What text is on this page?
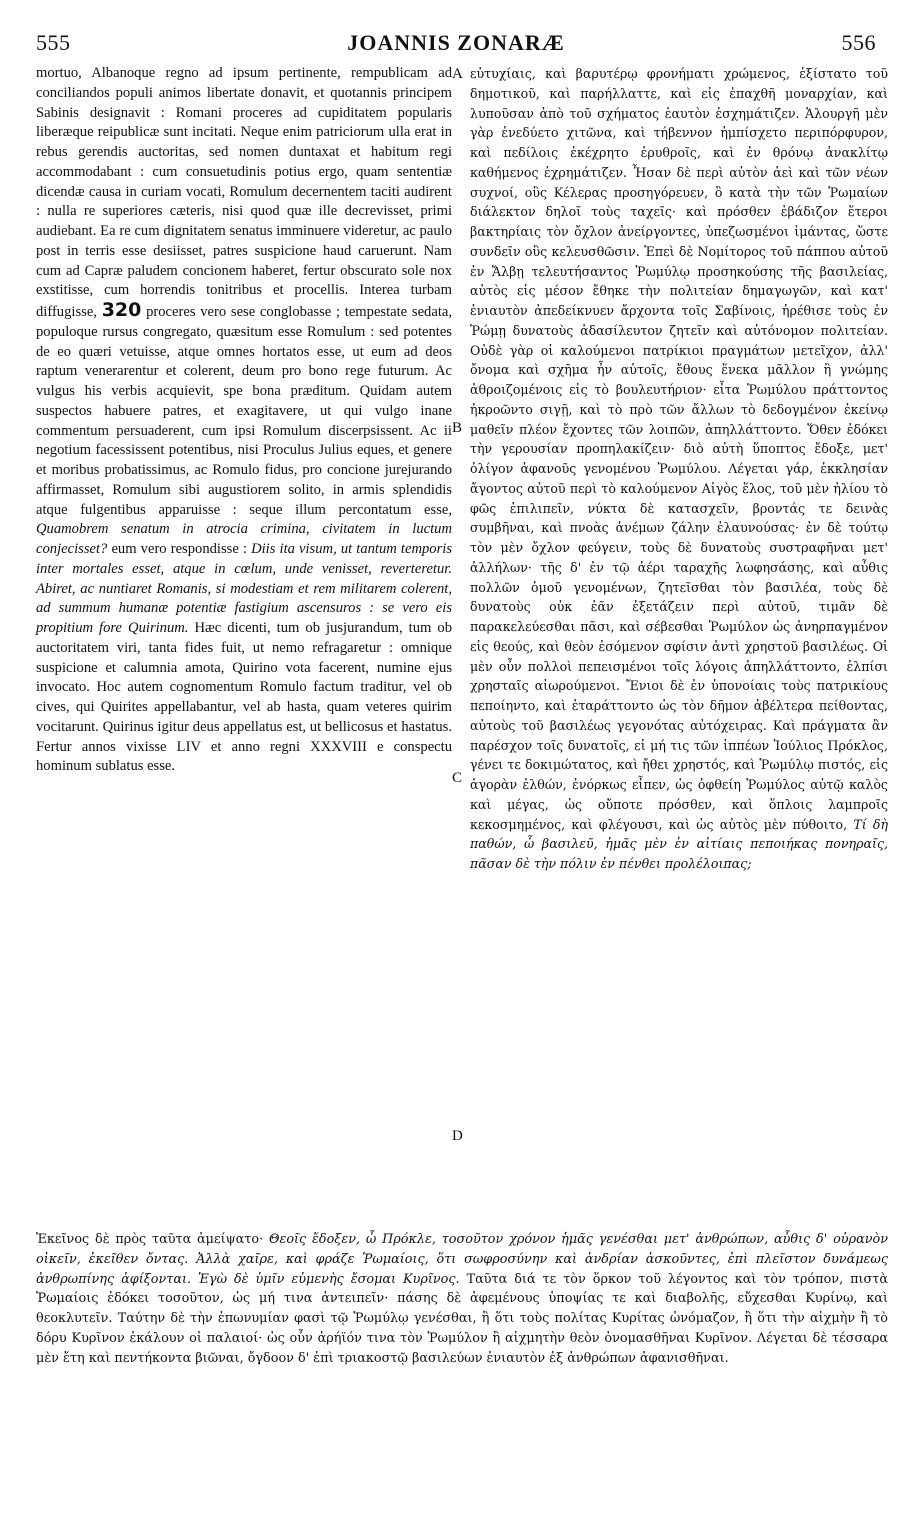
555	JOANNIS ZONARÆ	556

mortuo, Albanoque regno ad ipsum pertinente, rempublicam ad conciliandos populi animos libertate donavit, et quotannis principem Sabinis designavit : Romani proceres ad cupiditatem popularis liberæque reipublicæ sunt incitati. Neque enim patriciorum ulla erat in rebus gerendis auctoritas, sed nomen duntaxat et habitum regi accommodabant : cum consuetudinis potius ergo, quam sententiæ dicendæ causa in curiam vocati, Romulum decernentem taciti audirent : nulla re superiores cæteris, nisi quod quæ ille decrevisset, primi audiebant. Ea re cum dignitatem senatus imminuere videretur, ac paulo post in terris esse desiisset, patres suspicione haud caruerunt. Nam cum ad Capræ paludem concionem haberet, fertur obscurato sole nox exstitisse, cum horrendis tonitribus et procellis. Interea turbam diffugisse, 320 proceres vero sese conglobasse ; tempestate sedata, populoque rursus congregato, quæsitum esse Romulum : sed potentes de eo quæri vetuisse, atque omnes hortatos esse, ut eum ad deos raptum venerarentur et colerent, deum pro bono rege futurum. Ac vulgus his verbis acquievit, spe bona præditum. Quidam autem suspectos habuere patres, et exagitavere, ut qui vulgo inane commentum persuaderent, cum ipsi Romulum discerpsissent. Ac ii negotium facessissent potentibus, nisi Proculus Julius eques, et genere et moribus probatissimus, ac Romulo fidus, pro concione jurejurando affirmasset, Romulum sibi augustiorem solito, in armis splendidis atque fulgentibus apparuisse : seque illum percontatum esse, Quamobrem senatum in atrocia crimina, civitatem in luctum conjecisset? eum vero respondisse : Diis ita visum, ut tantum temporis inter mortales esset, atque in cœlum, unde venisset, reverteretur. Abiret, ac nuntiaret Romanis, si modestiam et rem militarem colerent, ad summum humanæ potentiæ fastigium ascensuros : se vero eis propitium fore Quirinum. Hæc dicenti, tum ob jusjurandum, tum ob auctoritatem viri, tanta fides fuit, ut nemo refragaretur : omnique suspicione et calumnia amota, Quirino vota facerent, numine ejus invocato. Hoc autem cognomentum Romulo factum traditur, vel ob cives, qui Quirites appellabantur, vel ab hasta, quam veteres quirim vocitarunt. Quirinus igitur deus appellatus est, ut bellicosus et hastatus. Fertur annos vixisse LIV et anno regni XXXVIII e conspectu hominum sublatus esse.

A
B
C
D

εὐτυχίαις, καὶ βαρυτέρῳ φρονήματι χρώμενος, ἐξίστατο τοῦ δημοτικοῦ, καὶ παρήλλαττε, καὶ εἰς ἐπαχθῆ μοναρχίαν, καὶ λυποῦσαν ἀπὸ τοῦ σχήματος ἑαυτὸν ἐσχημάτιζεν. Ἁλουργῆ μὲν γὰρ ἐνεδύετο χιτῶνα, καὶ τήβεννον ἠμπίσχετο περιπόρφυρον, καὶ πεδίλοις ἐκέχρητο ἐρυθροῖς, καὶ ἐν θρόνῳ ἀνακλίτῳ καθήμενος ἐχρημάτιζεν. Ἦσαν δὲ περὶ αὐτὸν ἀεὶ καὶ τῶν νέων συχνοί, οὓς Κέλερας προσηγόρευεν, ὃ κατὰ τὴν τῶν Ῥωμαίων διάλεκτον δηλοῖ τοὺς ταχεῖς· καὶ πρόσθεν ἐβάδιζον ἕτεροι βακτηρίαις τὸν ὄχλον ἀνείργοντες, ὑπεζωσμένοι ἱμάντας, ὥστε συνδεῖν οὓς κελευσθῶσιν. Ἐπεὶ δὲ Νομίτορος τοῦ πάππου αὐτοῦ ἐν Ἄλβῃ τελευτήσαντος Ῥωμύλῳ προσηκούσης τῆς βασιλείας, αὐτὸς εἰς μέσον ἔθηκε τὴν πολιτείαν δημαγωγῶν, καὶ κατ' ἐνιαυτὸν ἀπεδείκνυεν ἄρχοντα τοῖς Σαβίνοις, ἠρέθισε τοὺς ἐν Ῥώμῃ δυνατοὺς ἀδασίλευτον ζητεῖν καὶ αὐτόνομον πολιτείαν. Οὐδὲ γὰρ οἱ καλούμενοι πατρίκιοι πραγμάτων μετεῖχον, ἀλλ' ὄνομα καὶ σχῆμα ἦν αὐτοῖς, ἔθους ἕνεκα μᾶλλον ἢ γνώμης ἀθροιζομένοις εἰς τὸ βουλευτήριον· εἶτα Ῥωμύλου πράττοντος ἠκροῶντο σιγῇ, καὶ τὸ πρὸ τῶν ἄλλων τὸ δεδογμένον ἐκείνῳ μαθεῖν πλέον ἔχοντες τῶν λοιπῶν, ἀπηλλάττοντο. Ὅθεν ἐδόκει τὴν γερουσίαν προπηλακίζειν· διὸ αὐτὴ ὕποπτος ἔδοξε, μετ' ὀλίγον ἀφανοῦς γενομένου Ῥωμύλου. Λέγεται γάρ, ἐκκλησίαν ἄγοντος αὐτοῦ περὶ τὸ καλούμενον Αἰγὸς ἕλος, τοῦ μὲν ἡλίου τὸ φῶς ἐπιλιπεῖν, νύκτα δὲ κατασχεῖν, βροντάς τε δεινὰς συμβῆναι, καὶ πνοὰς ἀνέμων ζάλην ἐλαυνούσας· ἐν δὲ τούτῳ τὸν μὲν ὄχλον φεύγειν, τοὺς δὲ δυνατοὺς συστραφῆναι μετ' ἀλλήλων· τῆς δ' ἐν τῷ ἀέρι ταραχῆς λωφησάσης, καὶ αὖθις πολλῶν ὁμοῦ γενομένων, ζητεῖσθαι τὸν βασιλέα, τοὺς δὲ δυνατοὺς οὐκ ἐᾶν ἐξετάζειν περὶ αὐτοῦ, τιμᾶν δὲ παρακελεύεσθαι πᾶσι, καὶ σέβεσθαι Ῥωμύλον ὡς ἀνηρπαγμένον εἰς θεούς, καὶ θεὸν ἐσόμενον σφίσιν ἀντὶ χρηστοῦ βασιλέως. Οἱ μὲν οὖν πολλοὶ πεπεισμένοι τοῖς λόγοις ἀπηλλάττοντο, ἐλπίσι χρησταῖς αἰωρούμενοι. Ἔνιοι δὲ ἐν ὑπονοίαις τοὺς πατρικίους πεποίηντο, καὶ ἐταράττοντο ὡς τὸν δῆμον ἀβέλτερα πείθοντας, αὐτοὺς τοῦ βασιλέως γεγονότας αὐτόχειρας. Καὶ πράγματα ἂν παρέσχον τοῖς δυνατοῖς, εἰ μή τις τῶν ἱππέων Ἰούλιος Πρόκλος, γένει τε δοκιμώτατος, καὶ ἤθει χρηστός, καὶ Ῥωμύλῳ πιστός, εἰς ἀγορὰν ἐλθών, ἐνόρκως εἶπεν, ὡς ὀφθείη Ῥωμύλος αὐτῷ καλὸς καὶ μέγας, ὡς οὔποτε πρόσθεν, καὶ ὅπλοις λαμπροῖς κεκοσμημένος, καὶ φλέγουσι, καὶ ὡς αὐτὸς μὲν πύθοιτο, Τί δὴ παθών, ὦ βασιλεῦ, ἡμᾶς μὲν ἐν αἰτίαις πεποιήκας πονηραῖς, πᾶσαν δὲ τὴν πόλιν ἐν πένθει προλέλοιπας;

Ἐκεῖνος δὲ πρὸς ταῦτα ἀμείψατο· Θεοῖς ἔδοξεν, ὦ Πρόκλε, τοσοῦτον χρόνον ἡμᾶς γενέσθαι μετ' ἀνθρώπων, αὖθις δ' οὐρανὸν οἰκεῖν, ἐκεῖθεν ὄντας. Ἀλλὰ χαῖρε, καὶ φράζε Ῥωμαίοις, ὅτι σωφροσύνην καὶ ἀνδρίαν ἀσκοῦντες, ἐπὶ πλεῖστον δυνάμεως ἀνθρωπίνης ἀφίξονται. Ἐγὼ δὲ ὑμῖν εὐμενὴς ἔσομαι Κυρῖνος. Ταῦτα διά τε τὸν ὅρκον τοῦ λέγοντος καὶ τὸν τρόπον, πιστὰ Ῥωμαίοις ἐδόκει τοσοῦτον, ὡς μή τινα ἀντειπεῖν· πάσης δὲ ἀφεμένους ὑποψίας τε καὶ διαβολῆς, εὔχεσθαι Κυρίνῳ, καὶ θεοκλυτεῖν. Ταύτην δὲ τὴν ἐπωνυμίαν φασὶ τῷ Ῥωμύλῳ γενέσθαι, ἢ ὅτι τοὺς πολίτας Κυρίτας ὠνόμαζον, ἢ ὅτι τὴν αἰχμὴν ἢ τὸ δόρυ Κυρῖνον ἐκάλουν οἱ παλαιοί· ὡς οὖν ἀρήϊόν τινα τὸν Ῥωμύλον ἢ αἰχμητὴν θεὸν ὀνομασθῆναι Κυρῖνον. Λέγεται δὲ τέσσαρα μὲν ἔτη καὶ πεντήκοντα βιῶναι, ὄγδοον δ' ἐπὶ τριακοστῷ βασιλεύων ἐνιαυτὸν ἐξ ἀνθρώπων ἀφανισθῆναι.
